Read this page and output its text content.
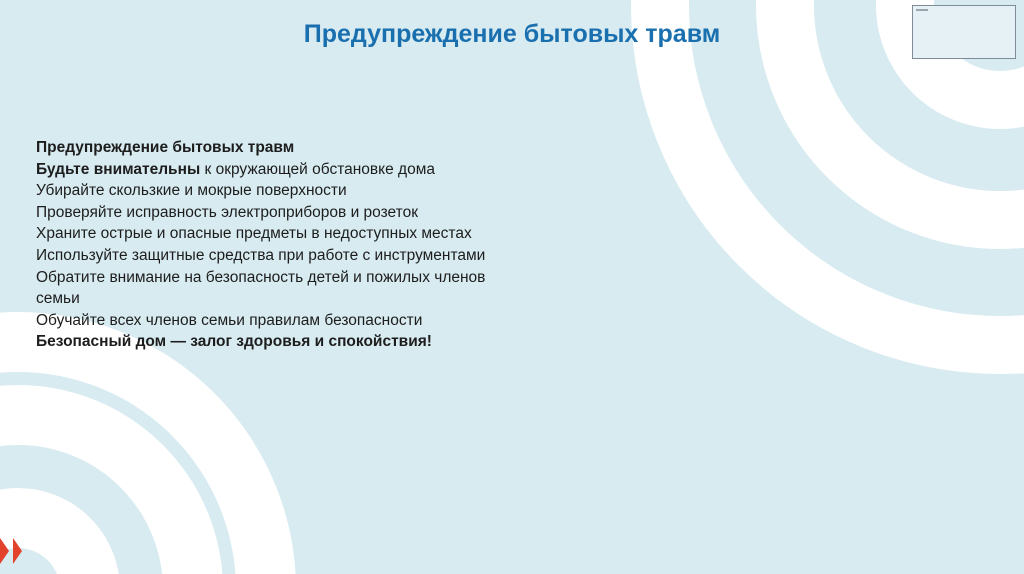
Предупреждение бытовых травм
Предупреждение бытовых травм
Будьте внимательны к окружающей обстановке дома
Убирайте скользкие и мокрые поверхности
Проверяйте исправность электроприборов и розеток
Храните острые и опасные предметы в недоступных местах
Используйте защитные средства при работе с инструментами
Обратите внимание на безопасность детей и пожилых членов семьи
Обучайте всех членов семьи правилам безопасности
Безопасный дом — залог здоровья и спокойствия!
